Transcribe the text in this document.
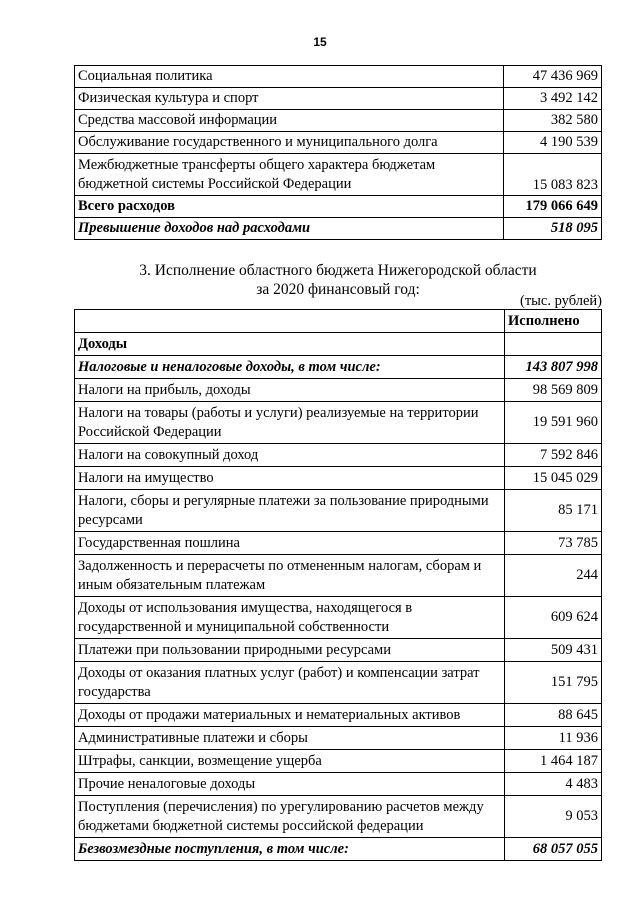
15
Социальная политика	47 436 969
Физическая культура и спорт	3 492 142
Средства массовой информации	382 580
Обслуживание государственного и муниципального долга	4 190 539
Межбюджетные трансферты общего характера бюджетам бюджетной системы Российской Федерации	15 083 823
Всего расходов	179 066 649
Превышение доходов над расходами	518 095
3. Исполнение областного бюджета Нижегородской области
за 2020 финансовый год:
(тыс. рублей)
	Исполнено
Доходы	
Налоговые и неналоговые доходы, в том числе:	143 807 998
Налоги на прибыль, доходы	98 569 809
Налоги на товары (работы и услуги) реализуемые на территории Российской Федерации	19 591 960
Налоги на совокупный доход	7 592 846
Налоги на имущество	15 045 029
Налоги, сборы и регулярные платежи за пользование природными ресурсами	85 171
Государственная пошлина	73 785
Задолженность и перерасчеты по отмененным налогам, сборам и иным обязательным платежам	244
Доходы от использования имущества, находящегося в государственной и муниципальной собственности	609 624
Платежи при пользовании природными ресурсами	509 431
Доходы от оказания платных услуг (работ) и компенсации затрат государства	151 795
Доходы от продажи материальных и нематериальных активов	88 645
Административные платежи и сборы	11 936
Штрафы, санкции, возмещение ущерба	1 464 187
Прочие неналоговые доходы	4 483
Поступления (перечисления) по урегулированию расчетов между бюджетами бюджетной системы российской федерации	9 053
Безвозмездные поступления, в том числе:	68 057 055
